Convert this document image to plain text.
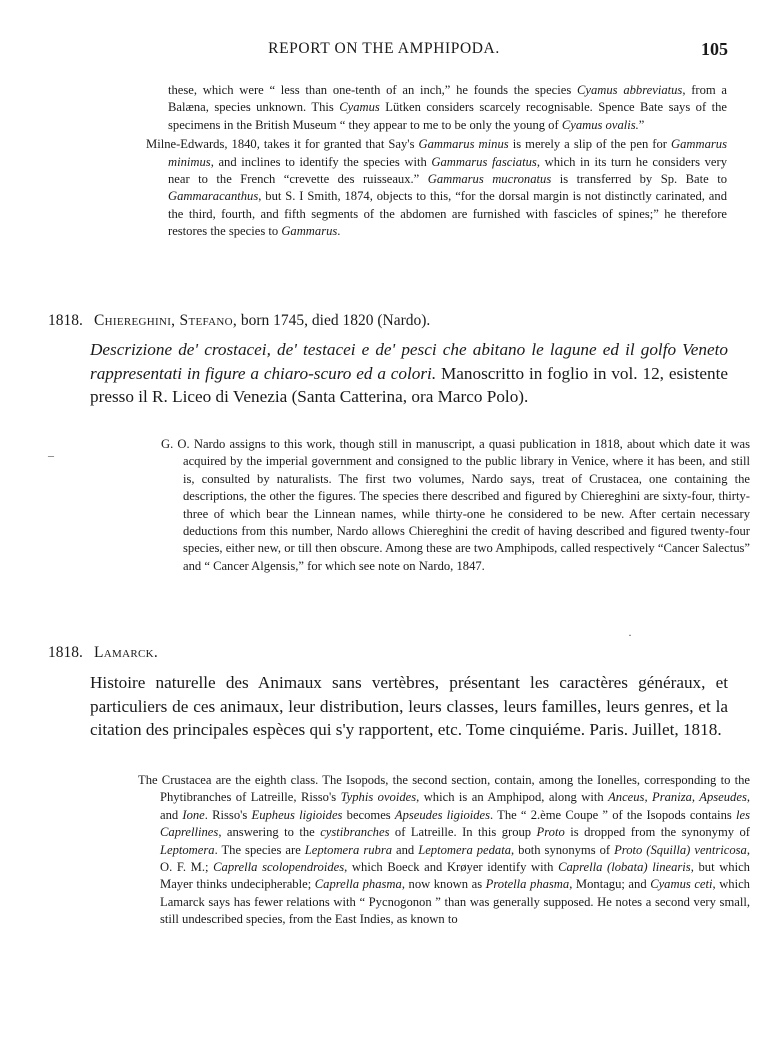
REPORT ON THE AMPHIPODA.	105

these, which were “ less than one-tenth of an inch,” he founds the species Cyamus abbreviatus, from a Balæna, species unknown. This Cyamus Lütken considers scarcely recognisable. Spence Bate says of the specimens in the British Museum “ they appear to me to be only the young of Cyamus ovalis.”

Milne-Edwards, 1840, takes it for granted that Say's Gammarus minus is merely a slip of the pen for Gammarus minimus, and inclines to identify the species with Gammarus fasciatus, which in its turn he considers very near to the French “crevette des ruisseaux.” Gammarus mucronatus is transferred by Sp. Bate to Gammaracanthus, but S. I Smith, 1874, objects to this, “for the dorsal margin is not distinctly carinated, and the third, fourth, and fifth segments of the abdomen are furnished with fascicles of spines;” he therefore restores the species to Gammarus.

1818. Chiereghini, Stefano, born 1745, died 1820 (Nardo).

Descrizione de' crostacei, de' testacei e de' pesci che abitano le lagune ed il golfo Veneto rappresentati in figure a chiaro-scuro ed a colori. Manoscritto in foglio in vol. 12, esistente presso il R. Liceo di Venezia (Santa Catterina, ora Marco Polo).

G. O. Nardo assigns to this work, though still in manuscript, a quasi publication in 1818, about which date it was acquired by the imperial government and consigned to the public library in Venice, where it has been, and still is, consulted by naturalists. The first two volumes, Nardo says, treat of Crustacea, one containing the descriptions, the other the figures. The species there described and figured by Chiereghini are sixty-four, thirty-three of which bear the Linnean names, while thirty-one he considered to be new. After certain necessary deductions from this number, Nardo allows Chiereghini the credit of having described and figured twenty-four species, either new, or till then obscure. Among these are two Amphipods, called respectively “Cancer Salectus” and “ Cancer Algensis,” for which see note on Nardo, 1847.

–
·
1818. Lamarck.

Histoire naturelle des Animaux sans vertèbres, présentant les caractères généraux, et particuliers de ces animaux, leur distribution, leurs classes, leurs familles, leurs genres, et la citation des principales espèces qui s'y rapportent, etc. Tome cinquiéme. Paris. Juillet, 1818.

The Crustacea are the eighth class. The Isopods, the second section, contain, among the Ionelles, corresponding to the Phytibranches of Latreille, Risso's Typhis ovoides, which is an Amphipod, along with Anceus, Praniza, Apseudes, and Ione. Risso's Eupheus ligioides becomes Apseudes ligioides. The “ 2.ème Coupe ” of the Isopods contains les Caprellines, answering to the cystibranches of Latreille. In this group Proto is dropped from the synonymy of Leptomera. The species are Leptomera rubra and Leptomera pedata, both synonyms of Proto (Squilla) ventricosa, O. F. M.; Caprella scolopendroides, which Boeck and Krøyer identify with Caprella (lobata) linearis, but which Mayer thinks undecipherable; Caprella phasma, now known as Protella phasma, Montagu; and Cyamus ceti, which Lamarck says has fewer relations with “ Pycnogonon ” than was generally supposed. He notes a second very small, still undescribed species, from the East Indies, as known to
